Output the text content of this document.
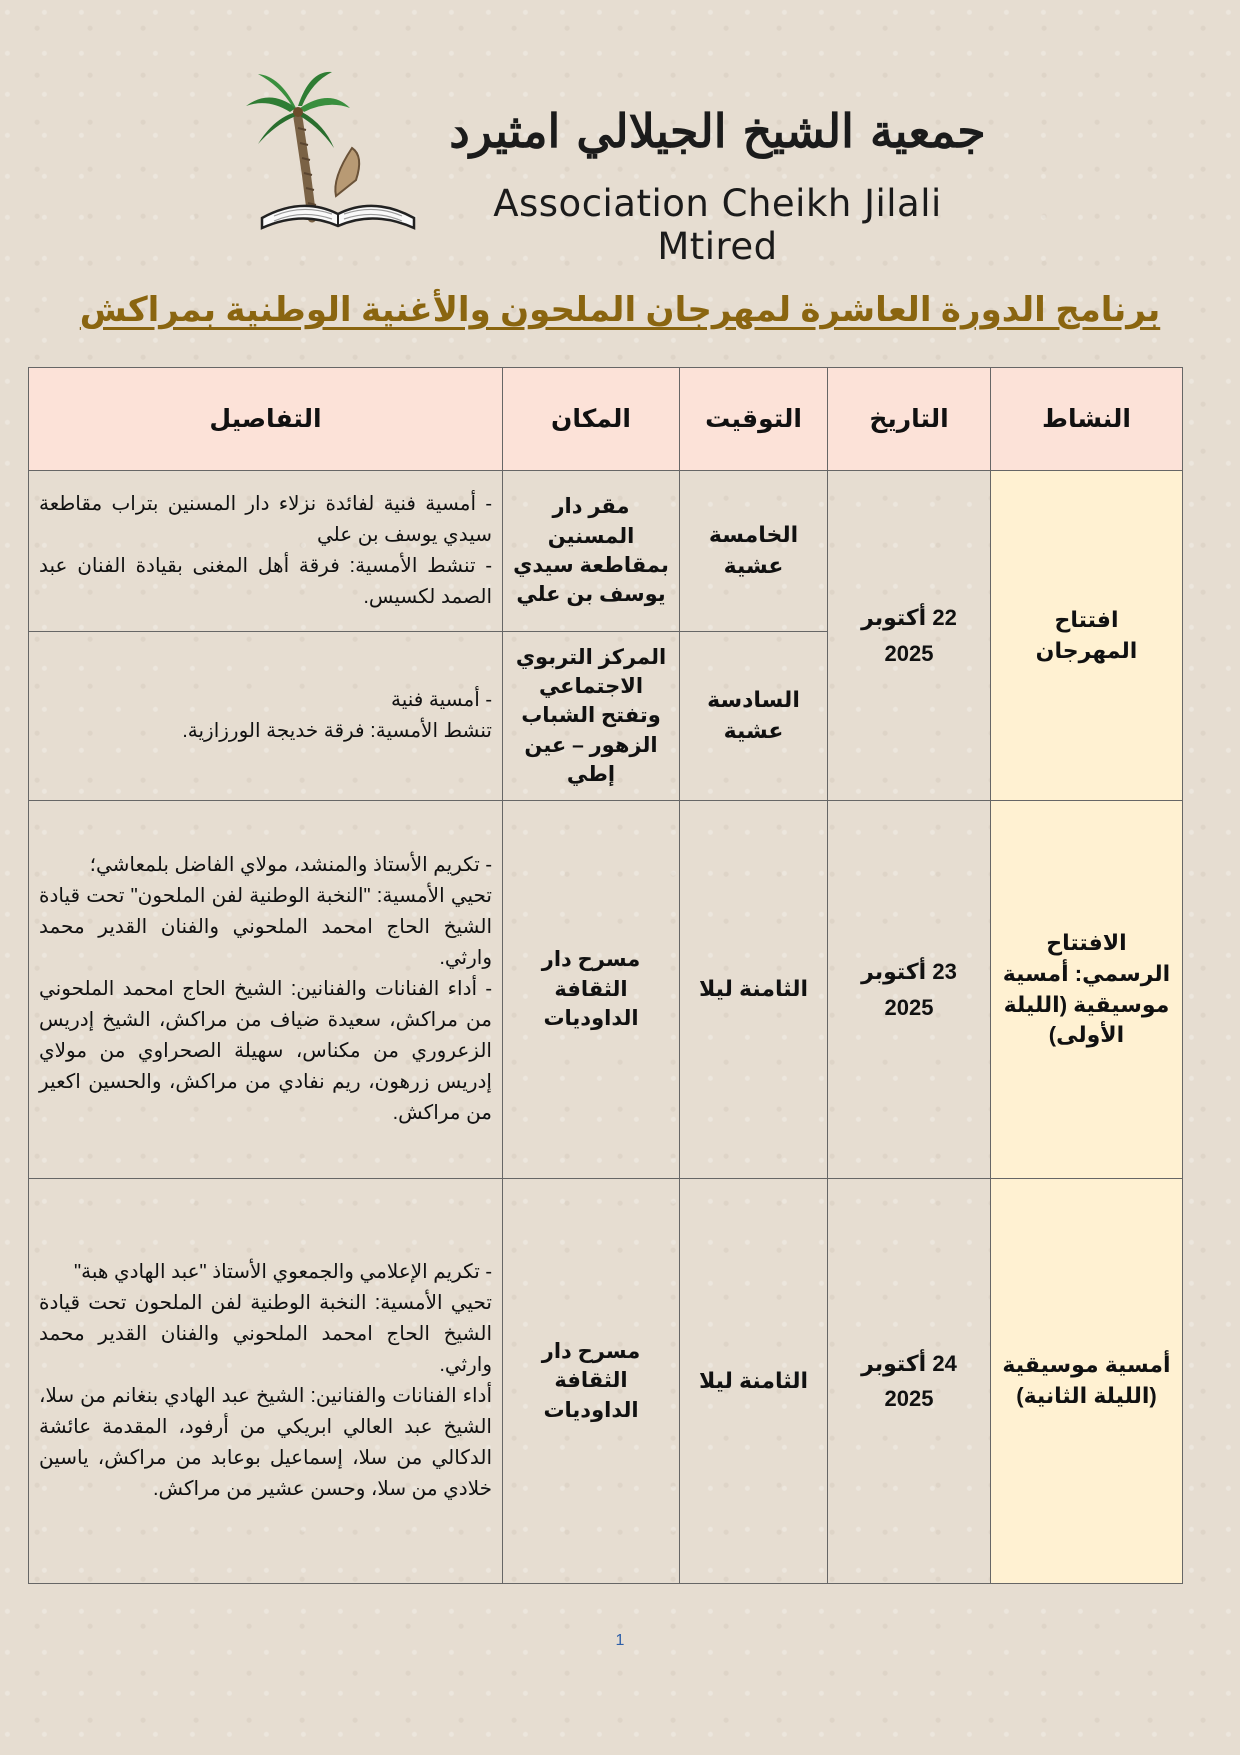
جمعية الشيخ الجيلالي امثيرد
Association Cheikh Jilali Mtired
برنامج الدورة العاشرة لمهرجان الملحون والأغنية الوطنية بمراكش
النشاط	التاريخ	التوقيت	المكان	التفاصيل
افتتاح المهرجان	22 أكتوبر 2025	الخامسة عشية	مقر دار المسنين بمقاطعة سيدي يوسف بن علي	- أمسية فنية لفائدة نزلاء دار المسنين بتراب مقاطعة سيدي يوسف بن علي
- تنشط الأمسية: فرقة أهل المغنى بقيادة الفنان عبد الصمد لكسيس.

		السادسة عشية	المركز التربوي الاجتماعي وتفتح الشباب الزهور – عين إطي	- أمسية فنية
تنشط الأمسية: فرقة خديجة الورزازية.

الافتتاح الرسمي: أمسية موسيقية (الليلة الأولى)	23 أكتوبر 2025	الثامنة ليلا	مسرح دار الثقافة الداوديات	- تكريم الأستاذ والمنشد، مولاي الفاضل بلمعاشي؛
تحيي الأمسية: "النخبة الوطنية لفن الملحون" تحت قيادة الشيخ الحاج امحمد الملحوني والفنان القدير محمد وارثي.
- أداء الفنانات والفنانين: الشيخ الحاج امحمد الملحوني من مراكش، سعيدة ضياف من مراكش، الشيخ إدريس الزعروري من مكناس، سهيلة الصحراوي من مولاي إدريس زرهون، ريم نفادي من مراكش، والحسين اكعير من مراكش.

أمسية موسيقية (الليلة الثانية)	24 أكتوبر 2025	الثامنة ليلا	مسرح دار الثقافة الداوديات	- تكريم الإعلامي والجمعوي الأستاذ "عبد الهادي هبة"
تحيي الأمسية: النخبة الوطنية لفن الملحون تحت قيادة الشيخ الحاج امحمد الملحوني والفنان القدير محمد وارثي.
أداء الفنانات والفنانين: الشيخ عبد الهادي بنغانم من سلا، الشيخ عبد العالي ابريكي من أرفود، المقدمة عائشة الدكالي من سلا، إسماعيل بوعابد من مراكش، ياسين خلادي من سلا، وحسن عشير من مراكش.
1
